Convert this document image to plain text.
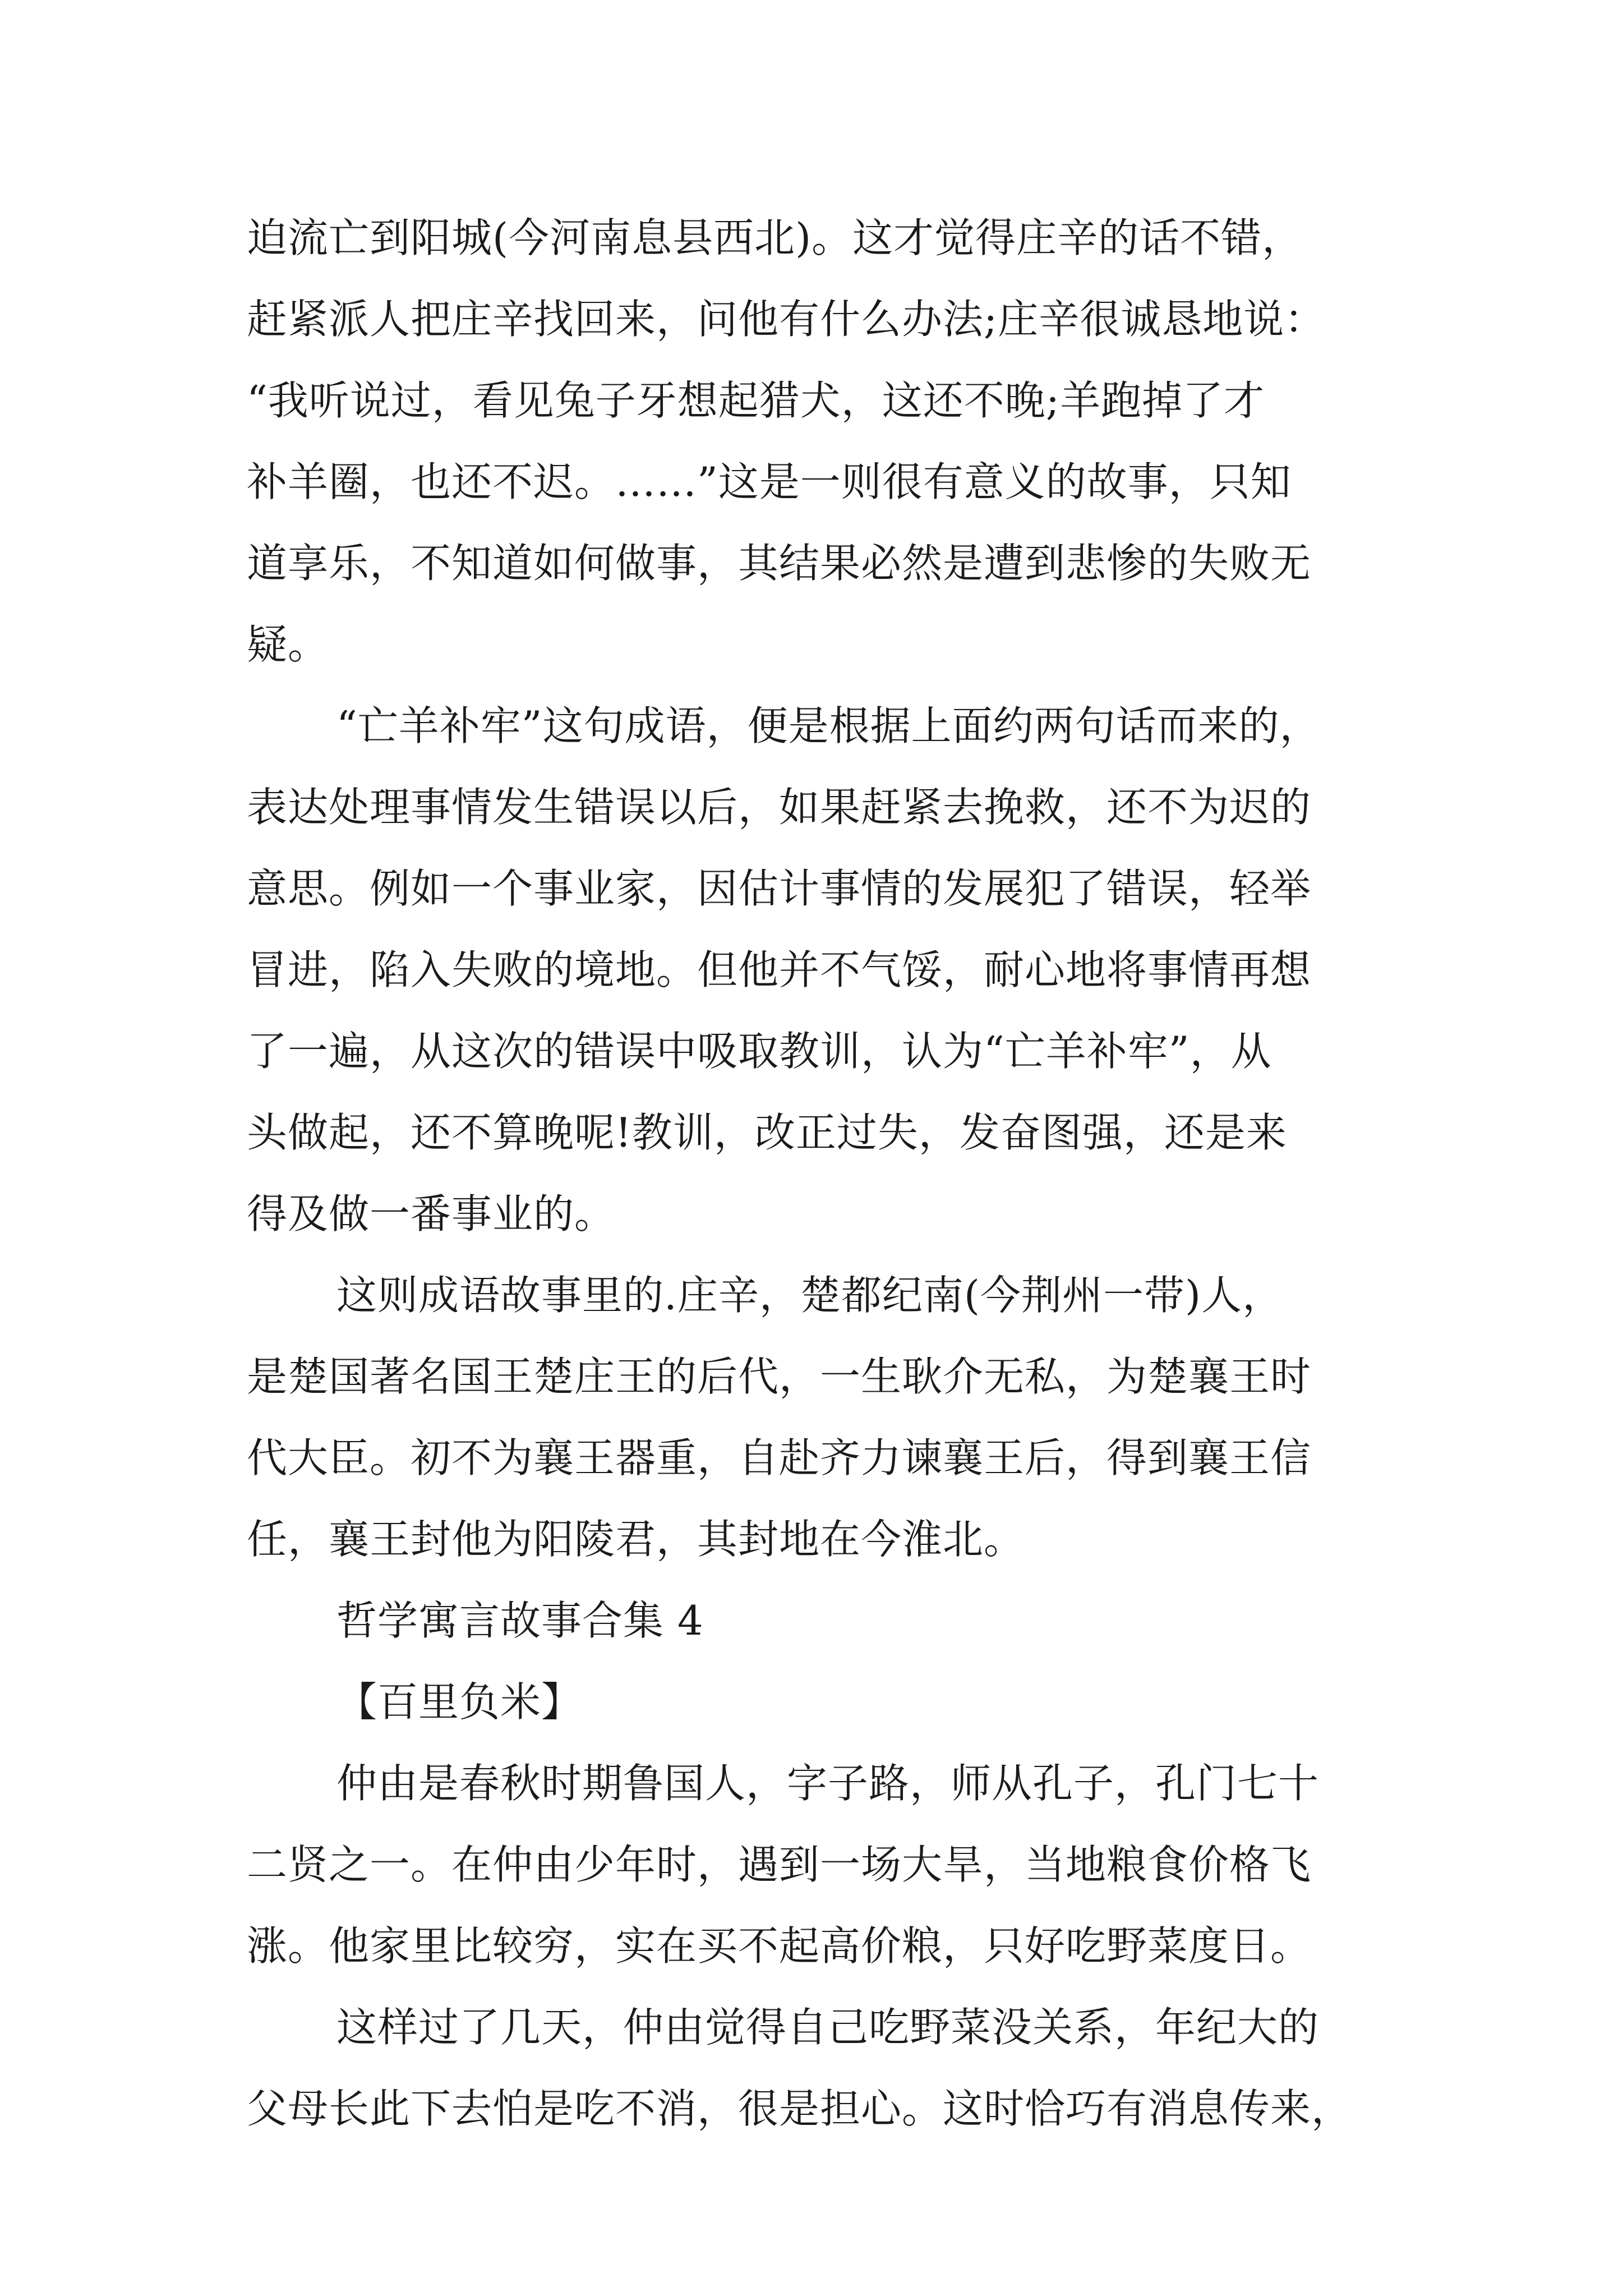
迫流亡到阳城(今河南息县西北)。这才觉得庄辛的话不错，
赶紧派人把庄辛找回来，问他有什么办法;庄辛很诚恳地说：
“我听说过，看见兔子牙想起猎犬，这还不晚;羊跑掉了才
补羊圈，也还不迟。……”这是一则很有意义的故事，只知
道享乐，不知道如何做事，其结果必然是遭到悲惨的失败无
疑。
“亡羊补牢”这句成语，便是根据上面约两句话而来的，
表达处理事情发生错误以后，如果赶紧去挽救，还不为迟的
意思。例如一个事业家，因估计事情的发展犯了错误，轻举
冒进，陷入失败的境地。但他并不气馁，耐心地将事情再想
了一遍，从这次的错误中吸取教训，认为“亡羊补牢”，从
头做起，还不算晚呢!教训，改正过失，发奋图强，还是来
得及做一番事业的。
这则成语故事里的.庄辛，楚都纪南(今荆州一带)人，
是楚国著名国王楚庄王的后代，一生耿介无私，为楚襄王时
代大臣。初不为襄王器重，自赴齐力谏襄王后，得到襄王信
任，襄王封他为阳陵君，其封地在今淮北。
哲学寓言故事合集 4
【百里负米】
仲由是春秋时期鲁国人，字子路，师从孔子，孔门七十
二贤之一。在仲由少年时，遇到一场大旱，当地粮食价格飞
涨。他家里比较穷，实在买不起高价粮，只好吃野菜度日。
这样过了几天，仲由觉得自己吃野菜没关系，年纪大的
父母长此下去怕是吃不消，很是担心。这时恰巧有消息传来，
